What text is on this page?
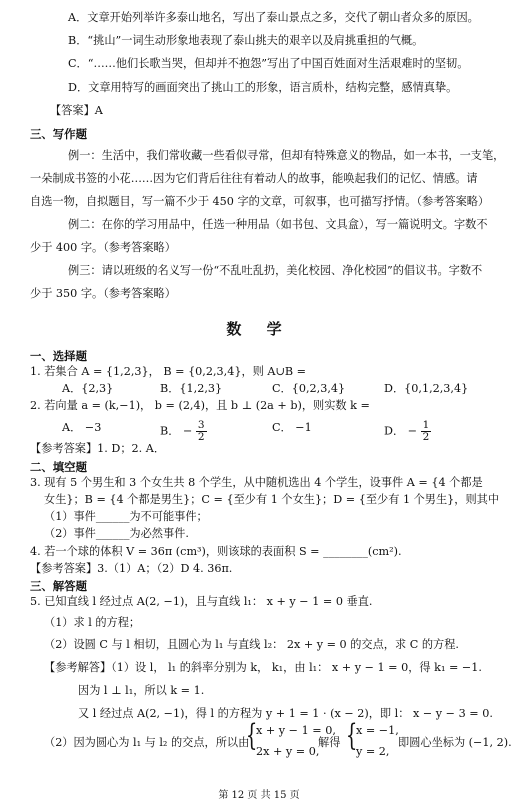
A．文章开始列举许多泰山地名，写出了泰山景点之多，交代了朝山者众多的原因。
B．“挑山”一词生动形象地表现了泰山挑夫的艰辛以及肩挑重担的气概。
C．“……他们长歌当哭，但却并不抱怨”写出了中国百姓面对生活艰难时的坚韧。
D．文章用特写的画面突出了挑山工的形象，语言质朴，结构完整，感情真挚。
【答案】A
三、写作题
例一：生活中，我们常收藏一些看似寻常，但却有特殊意义的物品，如一本书，一支笔，
一朵制成书签的小花……因为它们背后往往有着动人的故事，能唤起我们的记忆、情感。请
自选一物，自拟题目，写一篇不少于 450 字的文章，可叙事，也可描写抒情。（参考答案略）
例二：在你的学习用品中，任选一种用品（如书包、文具盒），写一篇说明文。字数不
少于 400 字。（参考答案略）
例三：请以班级的名义写一份“不乱吐乱扔，美化校园、净化校园”的倡议书。字数不
少于 350 字。（参考答案略）
数 学
一、选择题
1. 若集合 A = {1,2,3}， B = {0,2,3,4}，则 A∪B =
A．{2,3}	B．{1,2,3}	C．{0,2,3,4}	D．{0,1,2,3,4}
2. 若向量 a = (k,−1)， b = (2,4)，且 b ⊥ (2a + b)，则实数 k =
A． −3	B． − $\frac{3}{2}$	C． −1	D． − $\frac{1}{2}$
【参考答案】1. D；2. A．
二、填空题
3. 现有 5 个男生和 3 个女生共 8 个学生，从中随机选出 4 个学生，设事件 A = {4 个都是
女生}；B = {4 个都是男生}；C = {至少有 1 个女生}；D = {至少有 1 个男生}，则其中
（1）事件______为不可能事件；
（2）事件______为必然事件.
4. 若一个球的体积 V = 36π (cm³)，则该球的表面积 S = ________(cm²).
【参考答案】3.（1）A；（2）D 4. 36π.
三、解答题
5. 已知直线 l 经过点 A(2, −1)，且与直线 l₁： x + y − 1 = 0 垂直.
（1）求 l 的方程；
（2）设圆 C 与 l 相切，且圆心为 l₁ 与直线 l₂： 2x + y = 0 的交点，求 C 的方程.
【参考解答】（1）设 l， l₁ 的斜率分别为 k， k₁，由 l₁： x + y − 1 = 0，得 k₁ = −1.
因为 l ⊥ l₁，所以 k = 1.
又 l 经过点 A(2, −1)，得 l 的方程为 y + 1 = 1 · (x − 2)，即 l： x − y − 3 = 0.
（2）因为圆心为 l₁ 与 l₂ 的交点，所以由
{
x + y − 1 = 0,
2x + y = 0,
解得 {
x = −1,
y = 2,
即圆心坐标为 (−1, 2).
第 12 页 共 15 页
